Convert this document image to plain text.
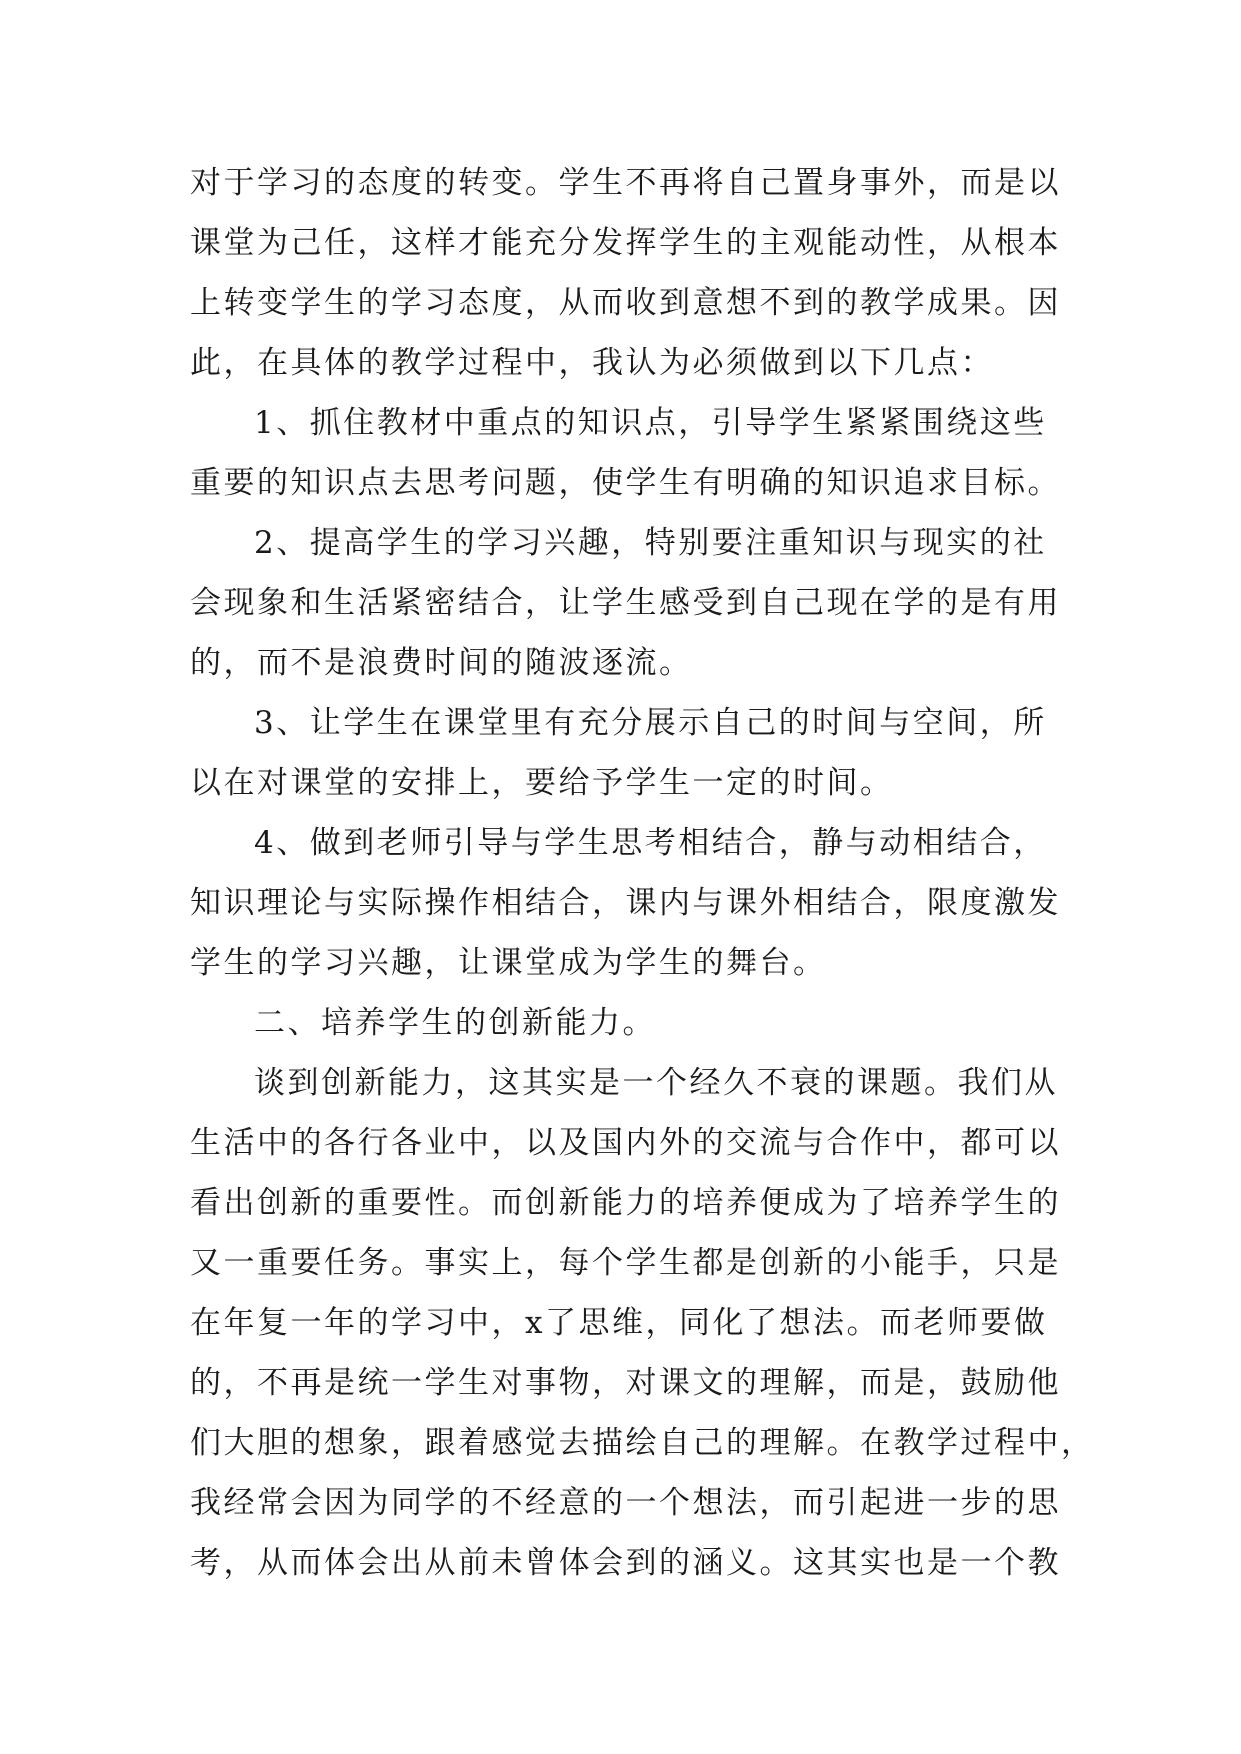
对于学习的态度的转变。学生不再将自己置身事外，而是以
课堂为己任，这样才能充分发挥学生的主观能动性，从根本
上转变学生的学习态度，从而收到意想不到的教学成果。因
此，在具体的教学过程中，我认为必须做到以下几点：
1、抓住教材中重点的知识点，引导学生紧紧围绕这些
重要的知识点去思考问题，使学生有明确的知识追求目标。
2、提高学生的学习兴趣，特别要注重知识与现实的社
会现象和生活紧密结合，让学生感受到自己现在学的是有用
的，而不是浪费时间的随波逐流。
3、让学生在课堂里有充分展示自己的时间与空间，所
以在对课堂的安排上，要给予学生一定的时间。
4、做到老师引导与学生思考相结合，静与动相结合，
知识理论与实际操作相结合，课内与课外相结合，限度激发
学生的学习兴趣，让课堂成为学生的舞台。
二、培养学生的创新能力。
谈到创新能力，这其实是一个经久不衰的课题。我们从
生活中的各行各业中，以及国内外的交流与合作中，都可以
看出创新的重要性。而创新能力的培养便成为了培养学生的
又一重要任务。事实上，每个学生都是创新的小能手，只是
在年复一年的学习中，x了思维，同化了想法。而老师要做
的，不再是统一学生对事物，对课文的理解，而是，鼓励他
们大胆的想象，跟着感觉去描绘自己的理解。在教学过程中，
我经常会因为同学的不经意的一个想法，而引起进一步的思
考，从而体会出从前未曾体会到的涵义。这其实也是一个教
